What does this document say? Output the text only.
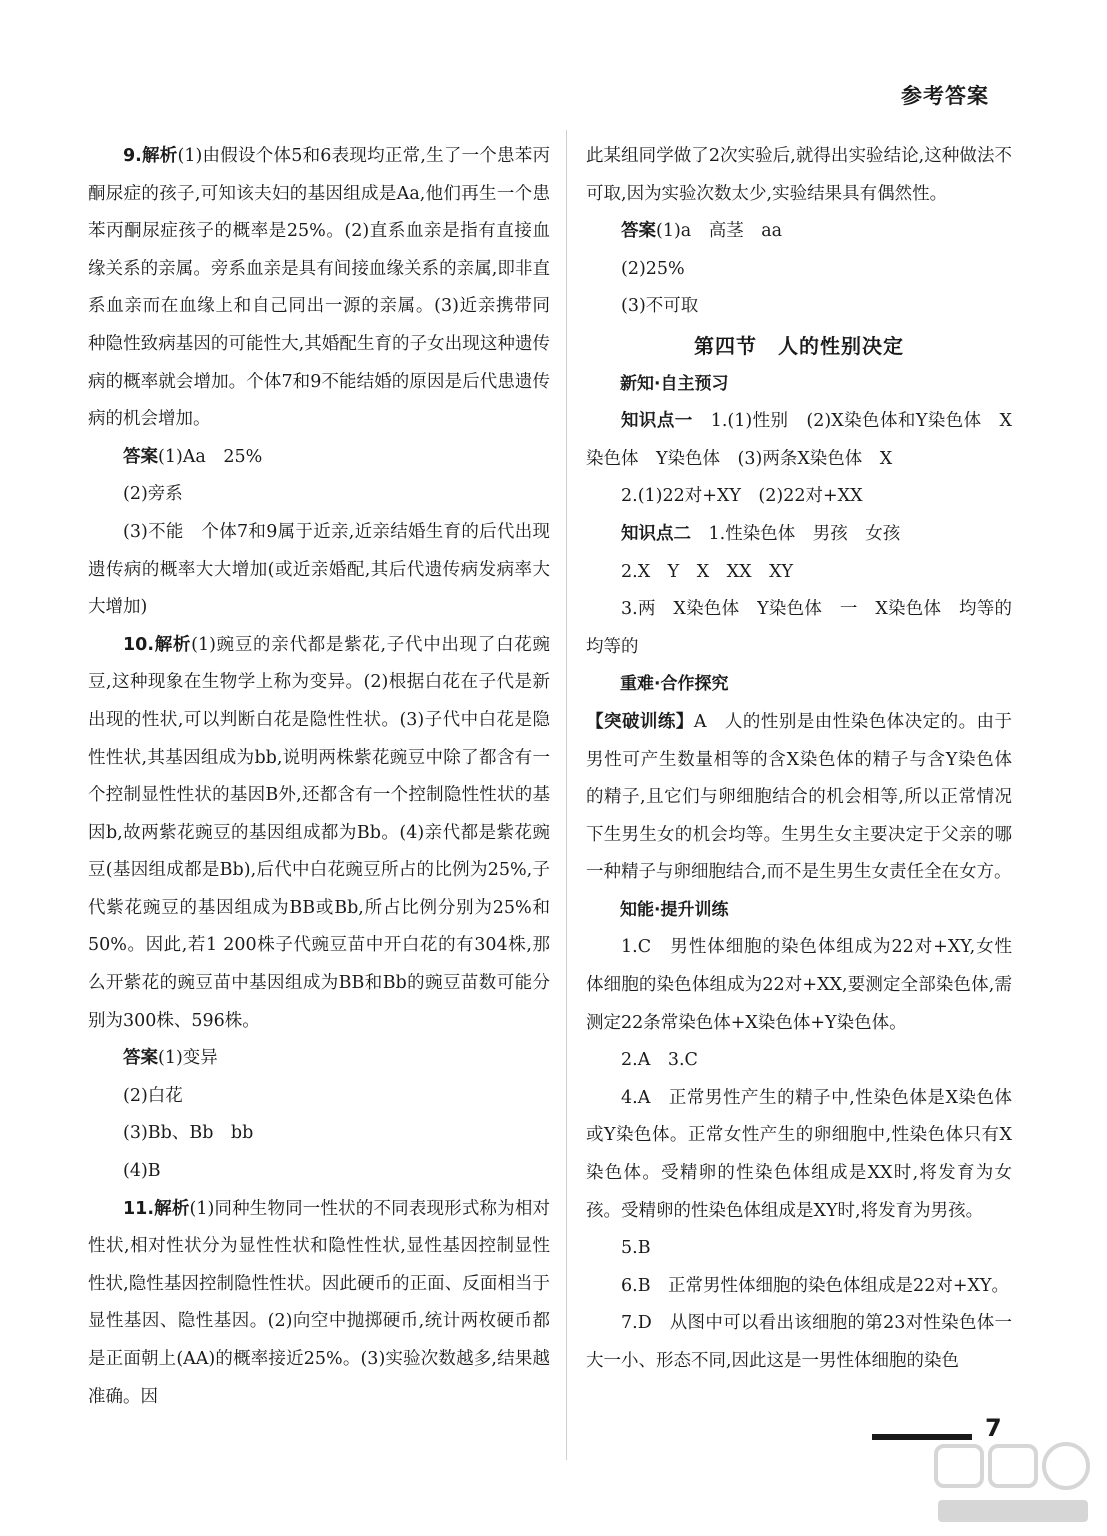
参考答案

9.解析(1)由假设个体5和6表现均正常,生了一个患苯丙酮尿症的孩子,可知该夫妇的基因组成是Aa,他们再生一个患苯丙酮尿症孩子的概率是25%。(2)直系血亲是指有直接血缘关系的亲属。旁系血亲是具有间接血缘关系的亲属,即非直系血亲而在血缘上和自己同出一源的亲属。(3)近亲携带同种隐性致病基因的可能性大,其婚配生育的子女出现这种遗传病的概率就会增加。个体7和9不能结婚的原因是后代患遗传病的机会增加。

答案(1)Aa　25%

(2)旁系

(3)不能　个体7和9属于近亲,近亲结婚生育的后代出现遗传病的概率大大增加(或近亲婚配,其后代遗传病发病率大大增加)

10.解析(1)豌豆的亲代都是紫花,子代中出现了白花豌豆,这种现象在生物学上称为变异。(2)根据白花在子代是新出现的性状,可以判断白花是隐性性状。(3)子代中白花是隐性性状,其基因组成为bb,说明两株紫花豌豆中除了都含有一个控制显性性状的基因B外,还都含有一个控制隐性性状的基因b,故两紫花豌豆的基因组成都为Bb。(4)亲代都是紫花豌豆(基因组成都是Bb),后代中白花豌豆所占的比例为25%,子代紫花豌豆的基因组成为BB或Bb,所占比例分别为25%和50%。因此,若1 200株子代豌豆苗中开白花的有304株,那么开紫花的豌豆苗中基因组成为BB和Bb的豌豆苗数可能分别为300株、596株。

答案(1)变异

(2)白花

(3)Bb、Bb　bb

(4)B

11.解析(1)同种生物同一性状的不同表现形式称为相对性状,相对性状分为显性性状和隐性性状,显性基因控制显性性状,隐性基因控制隐性性状。因此硬币的正面、反面相当于显性基因、隐性基因。(2)向空中抛掷硬币,统计两枚硬币都是正面朝上(AA)的概率接近25%。(3)实验次数越多,结果越准确。因

此某组同学做了2次实验后,就得出实验结论,这种做法不可取,因为实验次数太少,实验结果具有偶然性。

答案(1)a　高茎　aa

(2)25%

(3)不可取

第四节　人的性别决定
新知·自主预习

知识点一　 1.(1)性别　(2)X染色体和Y染色体　X染色体　Y染色体　(3)两条X染色体　X

2.(1)22对+XY　(2)22对+XX

知识点二　 1.性染色体　男孩　女孩

2.X　Y　X　XX　XY

3.两　X染色体　Y染色体　一　X染色体　均等的　均等的

重难·合作探究

【突破训练】A　人的性别是由性染色体决定的。由于男性可产生数量相等的含X染色体的精子与含Y染色体的精子,且它们与卵细胞结合的机会相等,所以正常情况下生男生女的机会均等。生男生女主要决定于父亲的哪一种精子与卵细胞结合,而不是生男生女责任全在女方。

知能·提升训练

1.C　男性体细胞的染色体组成为22对+XY,女性体细胞的染色体组成为22对+XX,要测定全部染色体,需测定22条常染色体+X染色体+Y染色体。

2.A　3.C

4.A　正常男性产生的精子中,性染色体是X染色体或Y染色体。正常女性产生的卵细胞中,性染色体只有X染色体。受精卵的性染色体组成是XX时,将发育为女孩。受精卵的性染色体组成是XY时,将发育为男孩。

5.B

6.B　正常男性体细胞的染色体组成是22对+XY。

7.D　从图中可以看出该细胞的第23对性染色体一大一小、形态不同,因此这是一男性体细胞的染色

7
